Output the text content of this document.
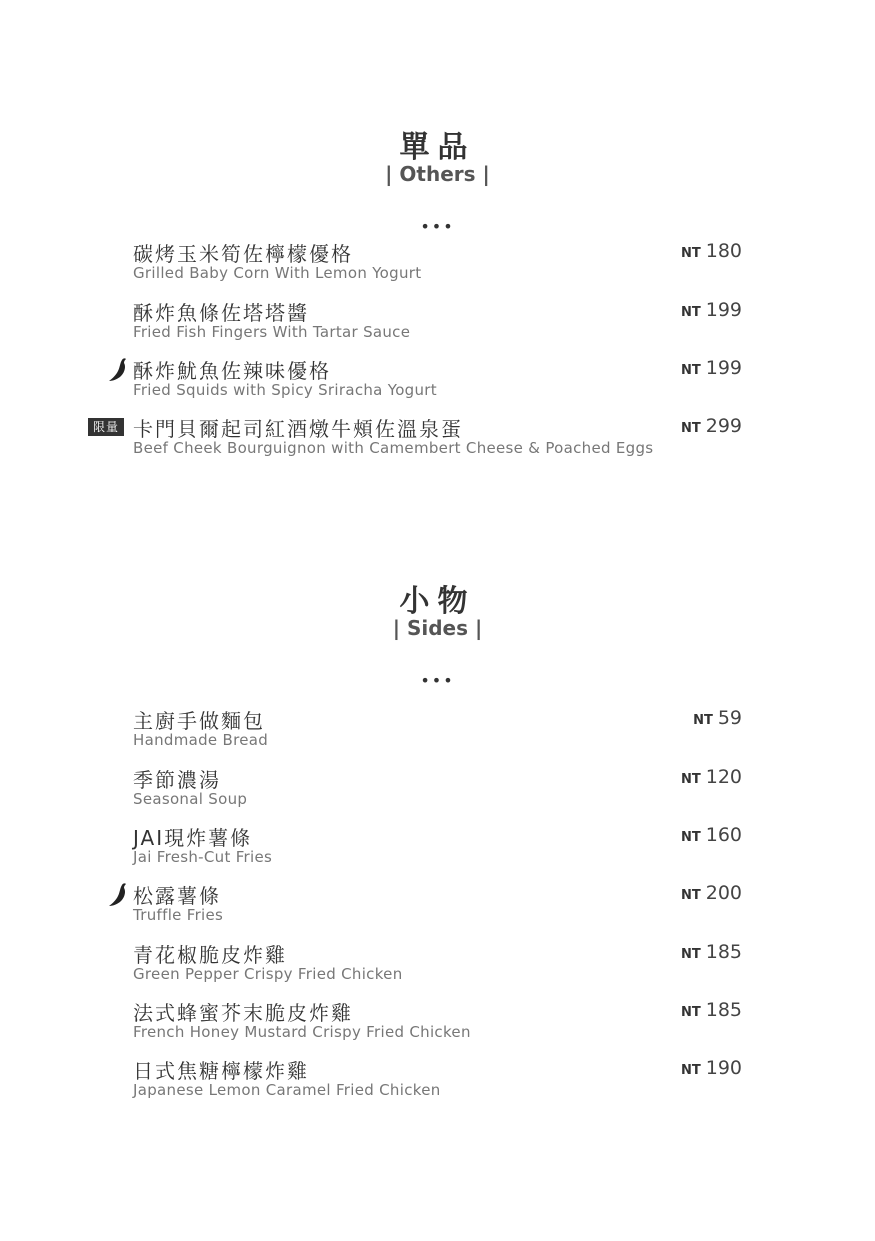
單品
| Others |
•••
碳烤玉米筍佐檸檬優格
Grilled Baby Corn With Lemon Yogurt
NT 180
酥炸魚條佐塔塔醬
Fried Fish Fingers With Tartar Sauce
NT 199
酥炸魷魚佐辣味優格
Fried Squids with Spicy Sriracha Yogurt
NT 199
限量 卡門貝爾起司紅酒燉牛頰佐溫泉蛋
Beef Cheek Bourguignon with Camembert Cheese & Poached Eggs
NT 299
小物
| Sides |
•••
主廚手做麵包
Handmade Bread
NT 59
季節濃湯
Seasonal Soup
NT 120
JAI現炸薯條
Jai Fresh-Cut Fries
NT 160
松露薯條
Truffle Fries
NT 200
青花椒脆皮炸雞
Green Pepper Crispy Fried Chicken
NT 185
法式蜂蜜芥末脆皮炸雞
French Honey Mustard Crispy Fried Chicken
NT 185
日式焦糖檸檬炸雞
Japanese Lemon Caramel Fried Chicken
NT 190
